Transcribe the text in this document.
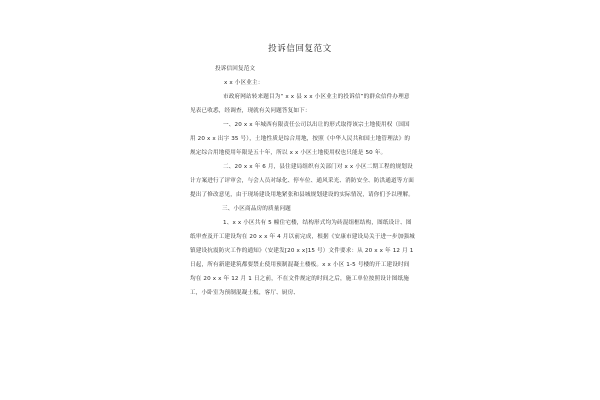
投诉信回复范文
投诉信回复范文
x x 小区业主：
市政府网站转来题目为“ x x 县 x x 小区业主的投诉信”的群众信件办理意见表已收悉，经调查，现就有关问题答复如下：
一、20 x x 年城西有限责任公司以出让的形式取得该宗土地使用权（国国用 20 x x 出字 35 号），土地性质是综合用地，按照《中华人民共和国土地管理法》的规定综合用地使用年限是五十年，所以 x x 小区土地使用权也只能是 50 年。
二、20 x x 年 6 月，县住建局组织有关部门对 x x 小区二期工程的规划设计方案进行了评审会，与会人员对绿化、停车位、通风采光、消防安全、防洪通道等方面提出了修改意见，由于现场建设用地紧张和县城规划建设的实际情况，请你们予以理解。
三、小区商品房的质量问题
1、x x 小区共有 5 幢住宅楼，结构形式均为砖混组框结构，图纸设计、图纸审查及开工建设均在 20 x x 年 4 月以前完成，根据《安康市建设局关于进一步加强城镇建设抗震防灾工作的通知》（安建发[20 x x]15 号）文件要求：从 20 x x 年 12 月 1 日起，所有新建建筑都要禁止使用预制混凝土楼板。x x 小区 1-5 号楼的开工建设时间均在 20 x x 年 12 月 1 日之前，不在文件规定的时间之后，施工单位按照设计图纸施工，小卧室为预制混凝土板，客厅、厨房、
